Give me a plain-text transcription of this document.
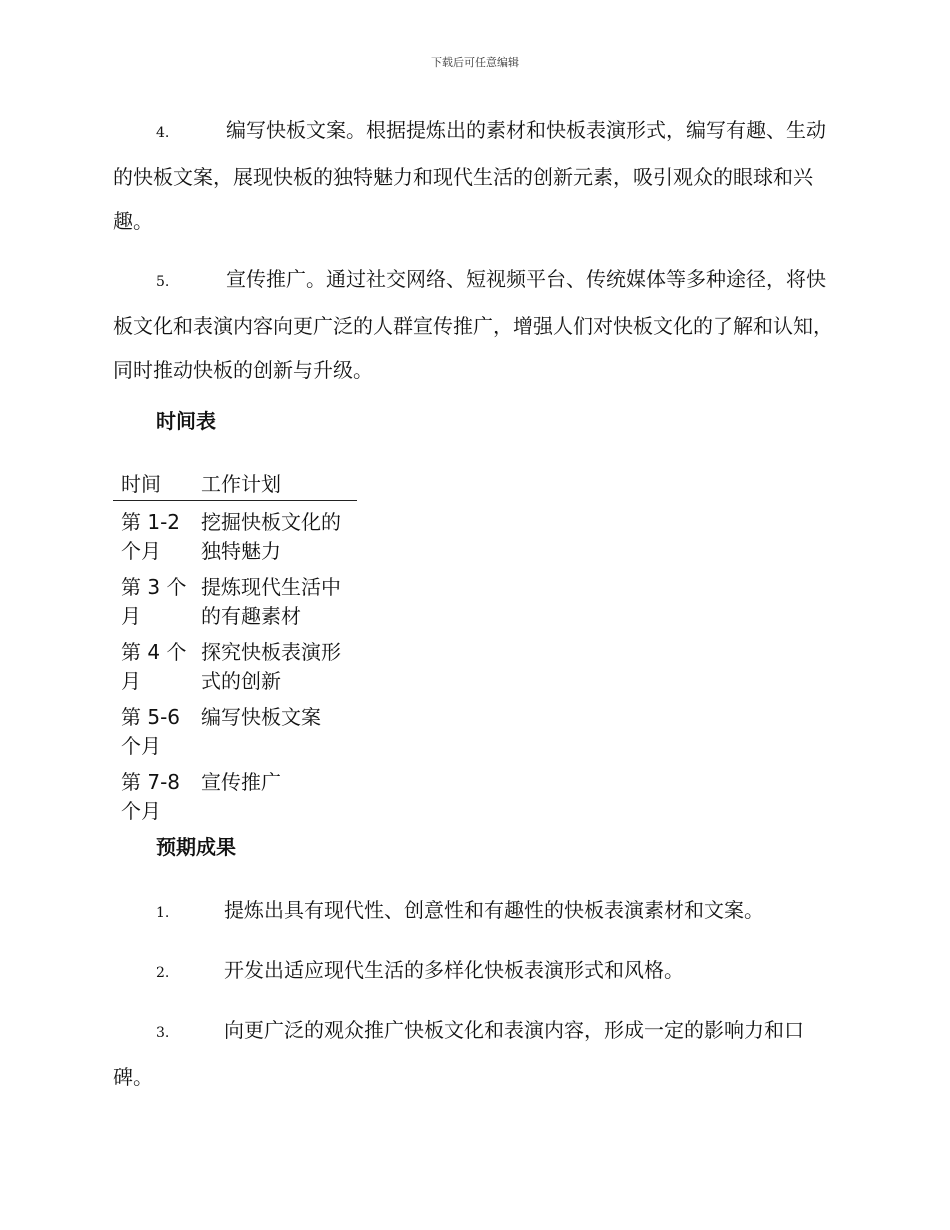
下载后可任意编辑

4.	编写快板文案。根据提炼出的素材和快板表演形式，编写有趣、生动的快板文案，展现快板的独特魅力和现代生活的创新元素，吸引观众的眼球和兴趣。

5.	宣传推广。通过社交网络、短视频平台、传统媒体等多种途径，将快板文化和表演内容向更广泛的人群宣传推广，增强人们对快板文化的了解和认知，同时推动快板的创新与升级。

时间表
时间	工作计划
第 1-2 个月	挖掘快板文化的独特魅力
第 3 个月	提炼现代生活中的有趣素材
第 4 个月	探究快板表演形式的创新
第 5-6 个月	编写快板文案
第 7-8 个月	宣传推广
预期成果

1.	提炼出具有现代性、创意性和有趣性的快板表演素材和文案。

2.	开发出适应现代生活的多样化快板表演形式和风格。

3.	向更广泛的观众推广快板文化和表演内容，形成一定的影响力和口碑。
